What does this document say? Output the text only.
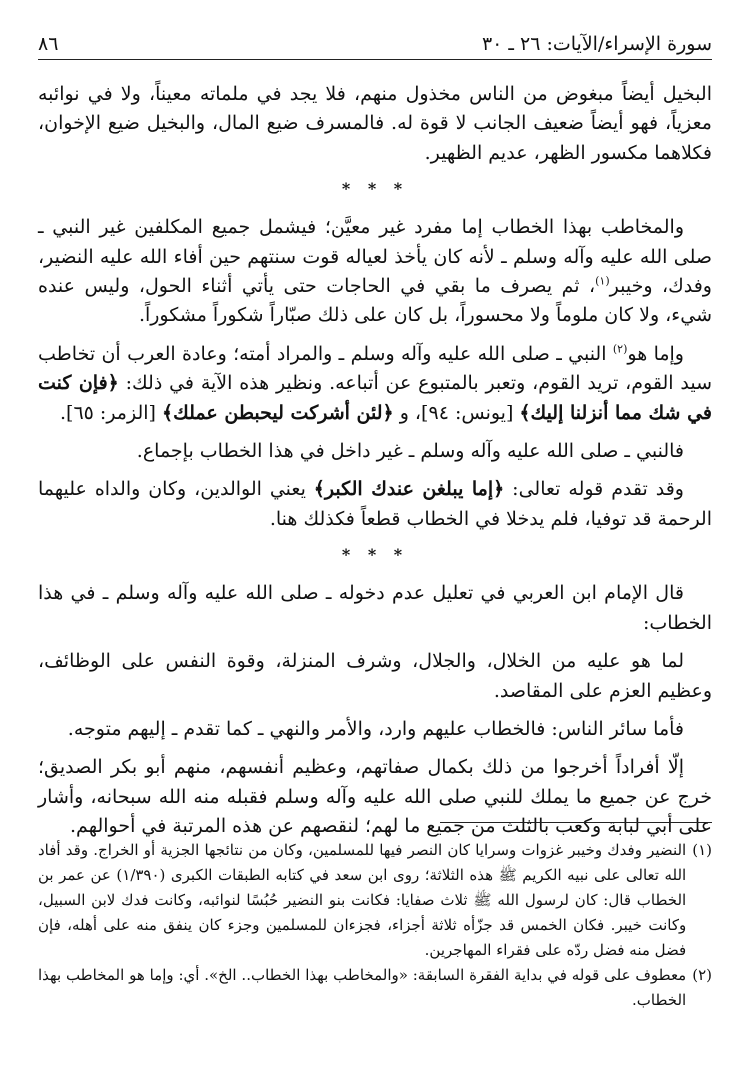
سورة الإسراء/الآيات: ٢٦ ـ ٣٠
٨٦

البخيل أيضاً مبغوض من الناس مخذول منهم، فلا يجد في ملماته معيناً، ولا في نوائبه معزياً، فهو أيضاً ضعيف الجانب لا قوة له. فالمسرف ضيع المال، والبخيل ضيع الإخوان، فكلاهما مكسور الظهر، عديم الظهير.

* * *

والمخاطب بهذا الخطاب إما مفرد غير معيَّن؛ فيشمل جميع المكلفين غير النبي ـ صلى الله عليه وآله وسلم ـ لأنه كان يأخذ لعياله قوت سنتهم حين أفاء الله عليه النضير، وفدك، وخيبر$^{(١)}$، ثم يصرف ما بقي في الحاجات حتى يأتي أثناء الحول، وليس عنده شيء، ولا كان ملوماً ولا محسوراً، بل كان على ذلك صبّاراً شكوراً مشكوراً.

وإما هو$^{(٢)}$ النبي ـ صلى الله عليه وآله وسلم ـ والمراد أمته؛ وعادة العرب أن تخاطب سيد القوم، تريد القوم، وتعبر بالمتبوع عن أتباعه. ونظير هذه الآية في ذلك: ﴿فإن كنت في شك مما أنزلنا إليك﴾ [يونس: ٩٤]، و ﴿لئن أشركت ليحبطن عملك﴾ [الزمر: ٦٥].

فالنبي ـ صلى الله عليه وآله وسلم ـ غير داخل في هذا الخطاب بإجماع.

وقد تقدم قوله تعالى: ﴿إما يبلغن عندك الكبر﴾ يعني الوالدين، وكان والداه عليهما الرحمة قد توفيا، فلم يدخلا في الخطاب قطعاً فكذلك هنا.

* * *

قال الإمام ابن العربي في تعليل عدم دخوله ـ صلى الله عليه وآله وسلم ـ في هذا الخطاب:

لما هو عليه من الخلال، والجلال، وشرف المنزلة، وقوة النفس على الوظائف، وعظيم العزم على المقاصد.

فأما سائر الناس: فالخطاب عليهم وارد، والأمر والنهي ـ كما تقدم ـ إليهم متوجه.

إلّا أفراداً أخرجوا من ذلك بكمال صفاتهم، وعظيم أنفسهم، منهم أبو بكر الصديق؛ خرج عن جميع ما يملك للنبي صلى الله عليه وآله وسلم فقبله منه الله سبحانه، وأشار على أبي لبابة وكعب بالثلث من جميع ما لهم؛ لنقصهم عن هذه المرتبة في أحوالهم.

(١)
النضير وفدك وخيبر غزوات وسرايا كان النصر فيها للمسلمين، وكان من نتائجها الجزية أو الخراج. وقد أفاد الله تعالى على نبيه الكريم ﷺ هذه الثلاثة؛ روى ابن سعد في كتابه الطبقات الكبرى (١/٣٩٠) عن عمر بن الخطاب قال: كان لرسول الله ﷺ ثلاث صفايا: فكانت بنو النضير حُبُسًا لنوائبه، وكانت فدك لابن السبيل، وكانت خيبر. فكان الخمس قد جزّأه ثلاثة أجزاء، فجزءان للمسلمين وجزء كان ينفق منه على أهله، فإن فضل منه فضل ردّه على فقراء المهاجرين.
(٢)
معطوف على قوله في بداية الفقرة السابقة: «والمخاطب بهذا الخطاب.. الخ». أي: وإما هو المخاطب بهذا الخطاب.
